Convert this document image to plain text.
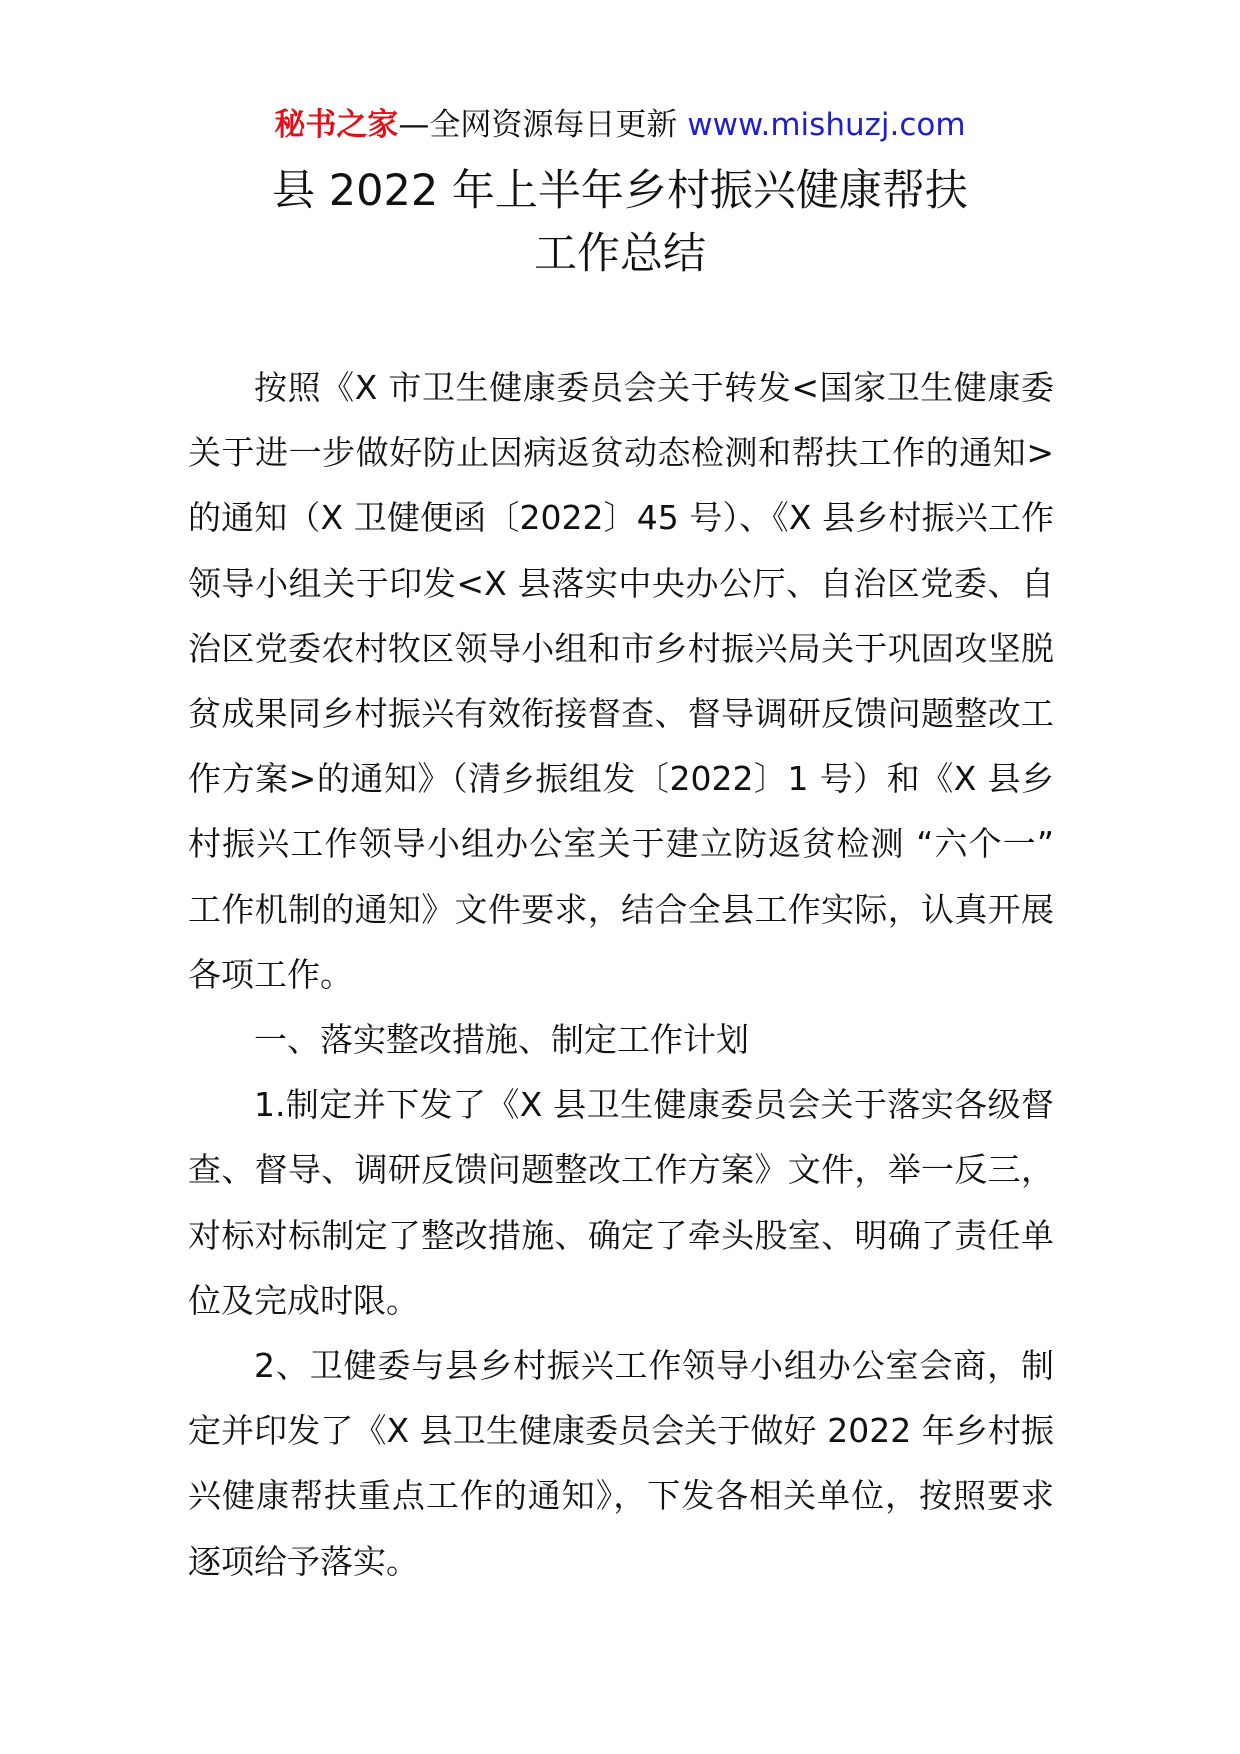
秘书之家—全网资源每日更新 www.mishuzj.com
县 2022 年上半年乡村振兴健康帮扶
工作总结

按照《X 市卫生健康委员会关于转发<国家卫生健康委关于进一步做好防止因病返贫动态检测和帮扶工作的通知>的通知（X 卫健便函〔2022〕45 号）、《X 县乡村振兴工作领导小组关于印发<X 县落实中央办公厅、自治区党委、自治区党委农村牧区领导小组和市乡村振兴局关于巩固攻坚脱贫成果同乡村振兴有效衔接督查、督导调研反馈问题整改工作方案>的通知》（清乡振组发〔2022〕1 号）和《X 县乡村振兴工作领导小组办公室关于建立防返贫检测 “六个一” 工作机制的通知》文件要求，结合全县工作实际，认真开展各项工作。

一、落实整改措施、制定工作计划

1.制定并下发了《X 县卫生健康委员会关于落实各级督查、督导、调研反馈问题整改工作方案》文件，举一反三，对标对标制定了整改措施、确定了牵头股室、明确了责任单位及完成时限。

2、卫健委与县乡村振兴工作领导小组办公室会商，制定并印发了《X 县卫生健康委员会关于做好 2022 年乡村振兴健康帮扶重点工作的通知》，下发各相关单位，按照要求逐项给予落实。
